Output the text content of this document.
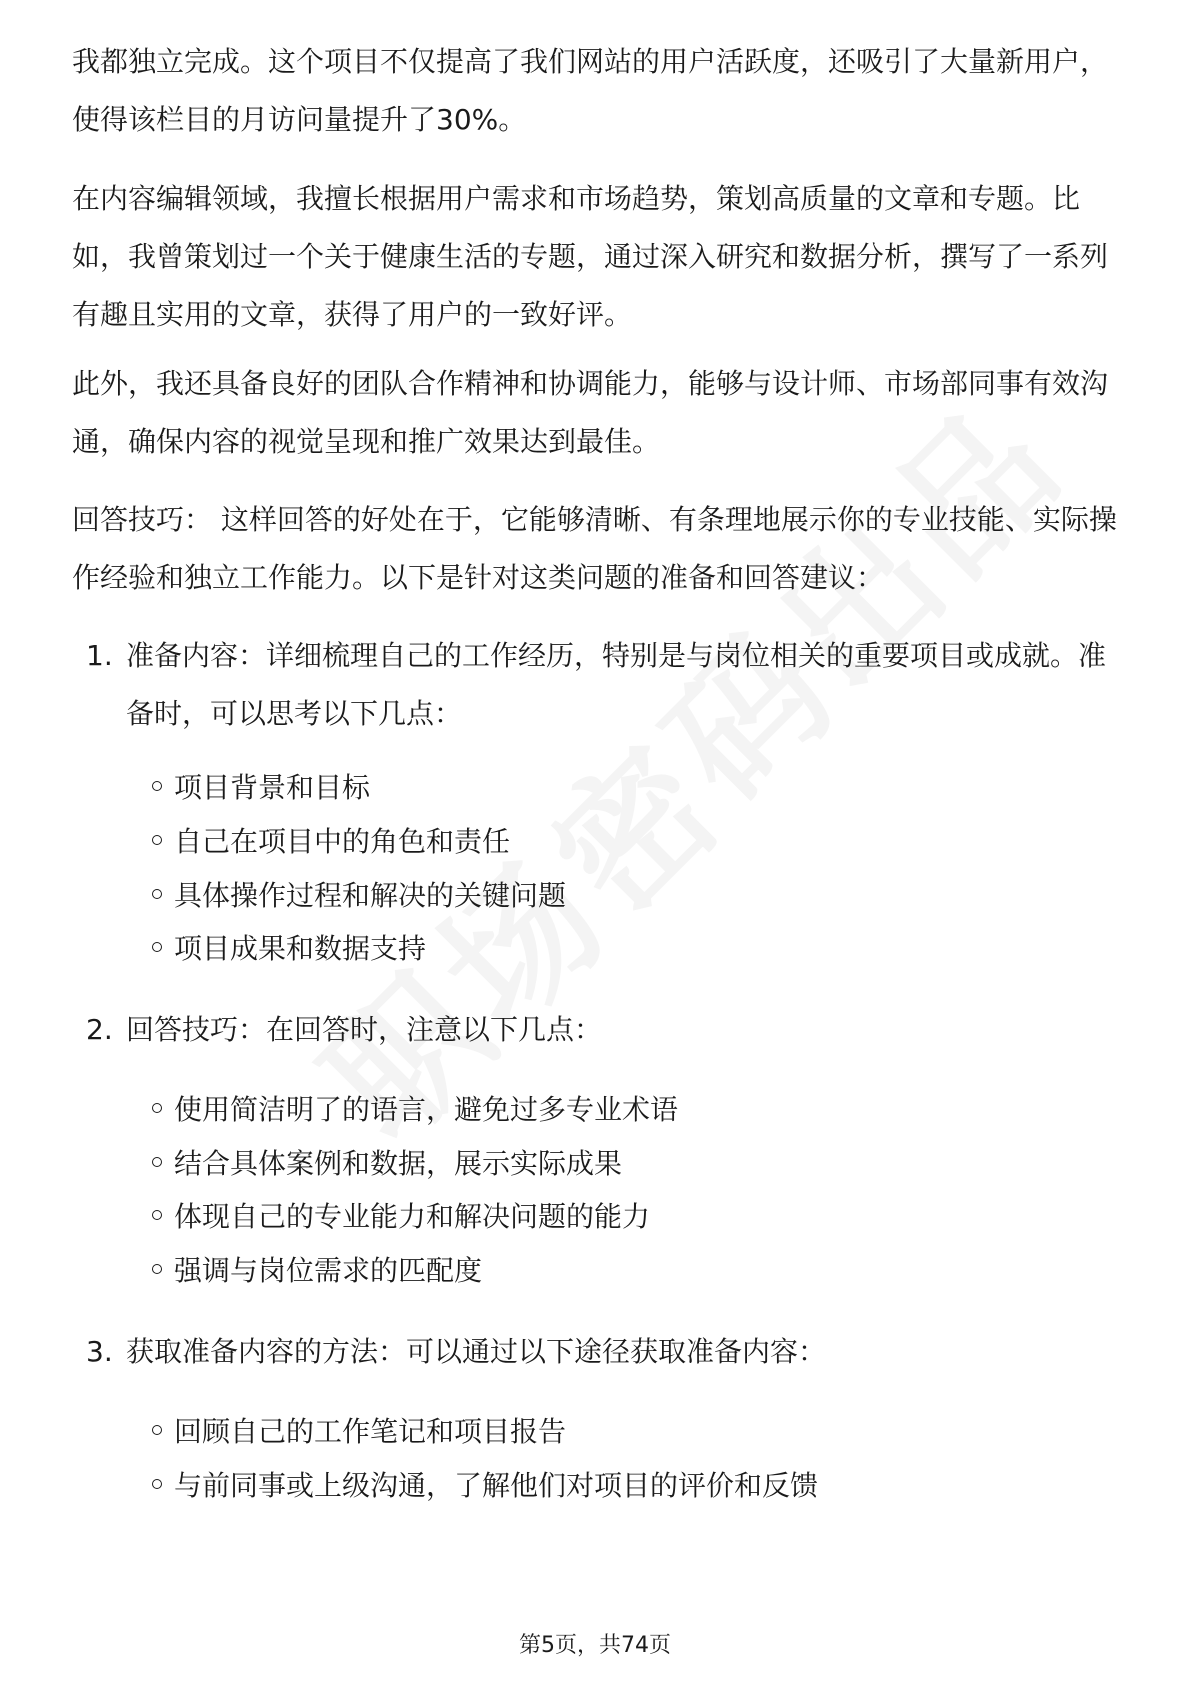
我都独立完成。这个项目不仅提高了我们网站的用户活跃度，还吸引了大量新用户，使得该栏目的月访问量提升了30%。

在内容编辑领域，我擅长根据用户需求和市场趋势，策划高质量的文章和专题。比如，我曾策划过一个关于健康生活的专题，通过深入研究和数据分析，撰写了一系列有趣且实用的文章，获得了用户的一致好评。

此外，我还具备良好的团队合作精神和协调能力，能够与设计师、市场部同事有效沟通，确保内容的视觉呈现和推广效果达到最佳。

回答技巧： 这样回答的好处在于，它能够清晰、有条理地展示你的专业技能、实际操作经验和独立工作能力。以下是针对这类问题的准备和回答建议：

1. 准备内容：详细梳理自己的工作经历，特别是与岗位相关的重要项目或成就。准备时，可以思考以下几点：
项目背景和目标
自己在项目中的角色和责任
具体操作过程和解决的关键问题
项目成果和数据支持
2. 回答技巧：在回答时，注意以下几点：
使用简洁明了的语言，避免过多专业术语
结合具体案例和数据，展示实际成果
体现自己的专业能力和解决问题的能力
强调与岗位需求的匹配度
3. 获取准备内容的方法：可以通过以下途径获取准备内容：
回顾自己的工作笔记和项目报告
与前同事或上级沟通，了解他们对项目的评价和反馈
第5页，共74页
